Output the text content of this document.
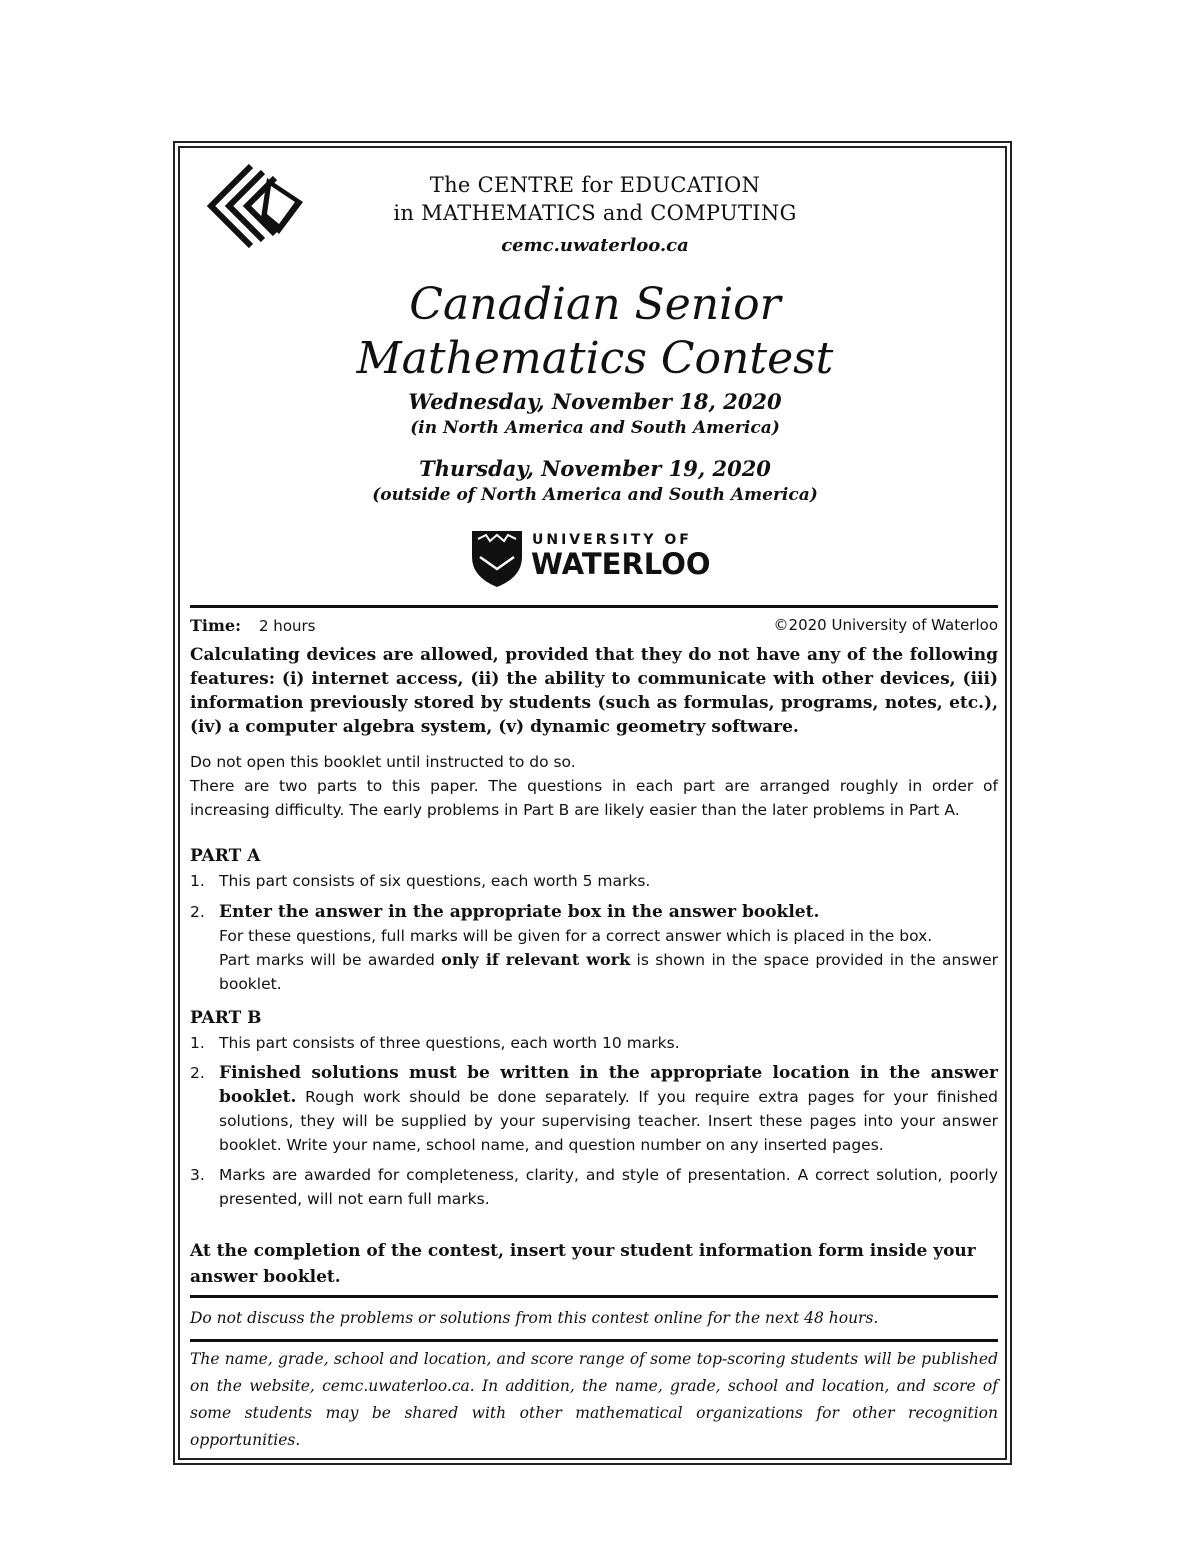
The CENTRE for EDUCATION
in MATHEMATICS and COMPUTING
cemc.uwaterloo.ca
Canadian Senior
Mathematics Contest
Wednesday, November 18, 2020
(in North America and South America)
Thursday, November 19, 2020
(outside of North America and South America)
UNIVERSITY OF
WATERLOO
Time: 2 hours	©2020 University of Waterloo
Calculating devices are allowed, provided that they do not have any of the following features: (i) internet access, (ii) the ability to communicate with other devices, (iii) information previously stored by students (such as formulas, programs, notes, etc.), (iv) a computer algebra system, (v) dynamic geometry software.
Do not open this booklet until instructed to do so.
There are two parts to this paper. The questions in each part are arranged roughly in order of increasing difficulty. The early problems in Part B are likely easier than the later problems in Part A.
PART A
1. This part consists of six questions, each worth 5 marks.
2. Enter the answer in the appropriate box in the answer booklet.
For these questions, full marks will be given for a correct answer which is placed in the box.
Part marks will be awarded only if relevant work is shown in the space provided in the answer booklet.
PART B
1. This part consists of three questions, each worth 10 marks.
2. Finished solutions must be written in the appropriate location in the answer booklet. Rough work should be done separately. If you require extra pages for your finished solutions, they will be supplied by your supervising teacher. Insert these pages into your answer booklet. Write your name, school name, and question number on any inserted pages.
3. Marks are awarded for completeness, clarity, and style of presentation. A correct solution, poorly presented, will not earn full marks.
At the completion of the contest, insert your student information form inside your answer booklet.
Do not discuss the problems or solutions from this contest online for the next 48 hours.
The name, grade, school and location, and score range of some top-scoring students will be published on the website, cemc.uwaterloo.ca. In addition, the name, grade, school and location, and score of some students may be shared with other mathematical organizations for other recognition opportunities.
